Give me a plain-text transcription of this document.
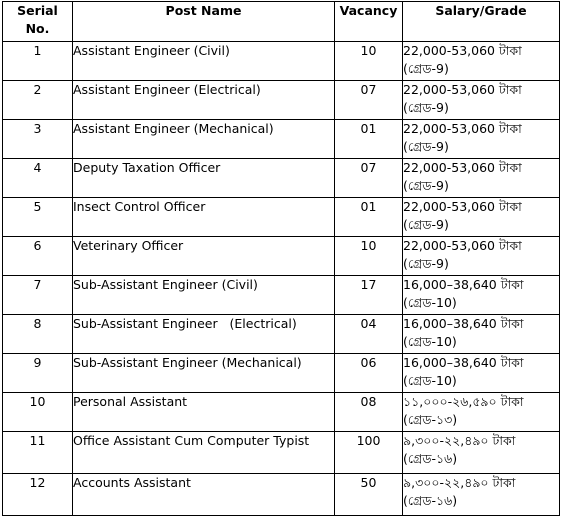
Serial
No.	Post Name	Vacancy	Salary/Grade
1	Assistant Engineer (Civil)	10	22,000-53,060 টাকা
(গ্রেড-9)

2	Assistant Engineer (Electrical)	07	22,000-53,060 টাকা
(গ্রেড-9)

3	Assistant Engineer (Mechanical)	01	22,000-53,060 টাকা
(গ্রেড-9)

4	Deputy Taxation Officer	07	22,000-53,060 টাকা
(গ্রেড-9)

5	Insect Control Officer	01	22,000-53,060 টাকা
(গ্রেড-9)

6	Veterinary Officer	10	22,000-53,060 টাকা
(গ্রেড-9)

7	Sub-Assistant Engineer (Civil)	17	16,000–38,640 টাকা
(গ্রেড-10)

8	Sub-Assistant Engineer   (Electrical)	04	16,000–38,640 টাকা
(গ্রেড-10)

9	Sub-Assistant Engineer (Mechanical)	06	16,000–38,640 টাকা
(গ্রেড-10)

10	Personal Assistant	08	১১,০০০-২৬,৫৯০ টাকা
(গ্রেড-১৩)

11	Office Assistant Cum Computer Typist	100	৯,৩০০-২২,৪৯০ টাকা
(গ্রেড-১৬)

12	Accounts Assistant	50	৯,৩০০-২২,৪৯০ টাকা
(গ্রেড-১৬)
